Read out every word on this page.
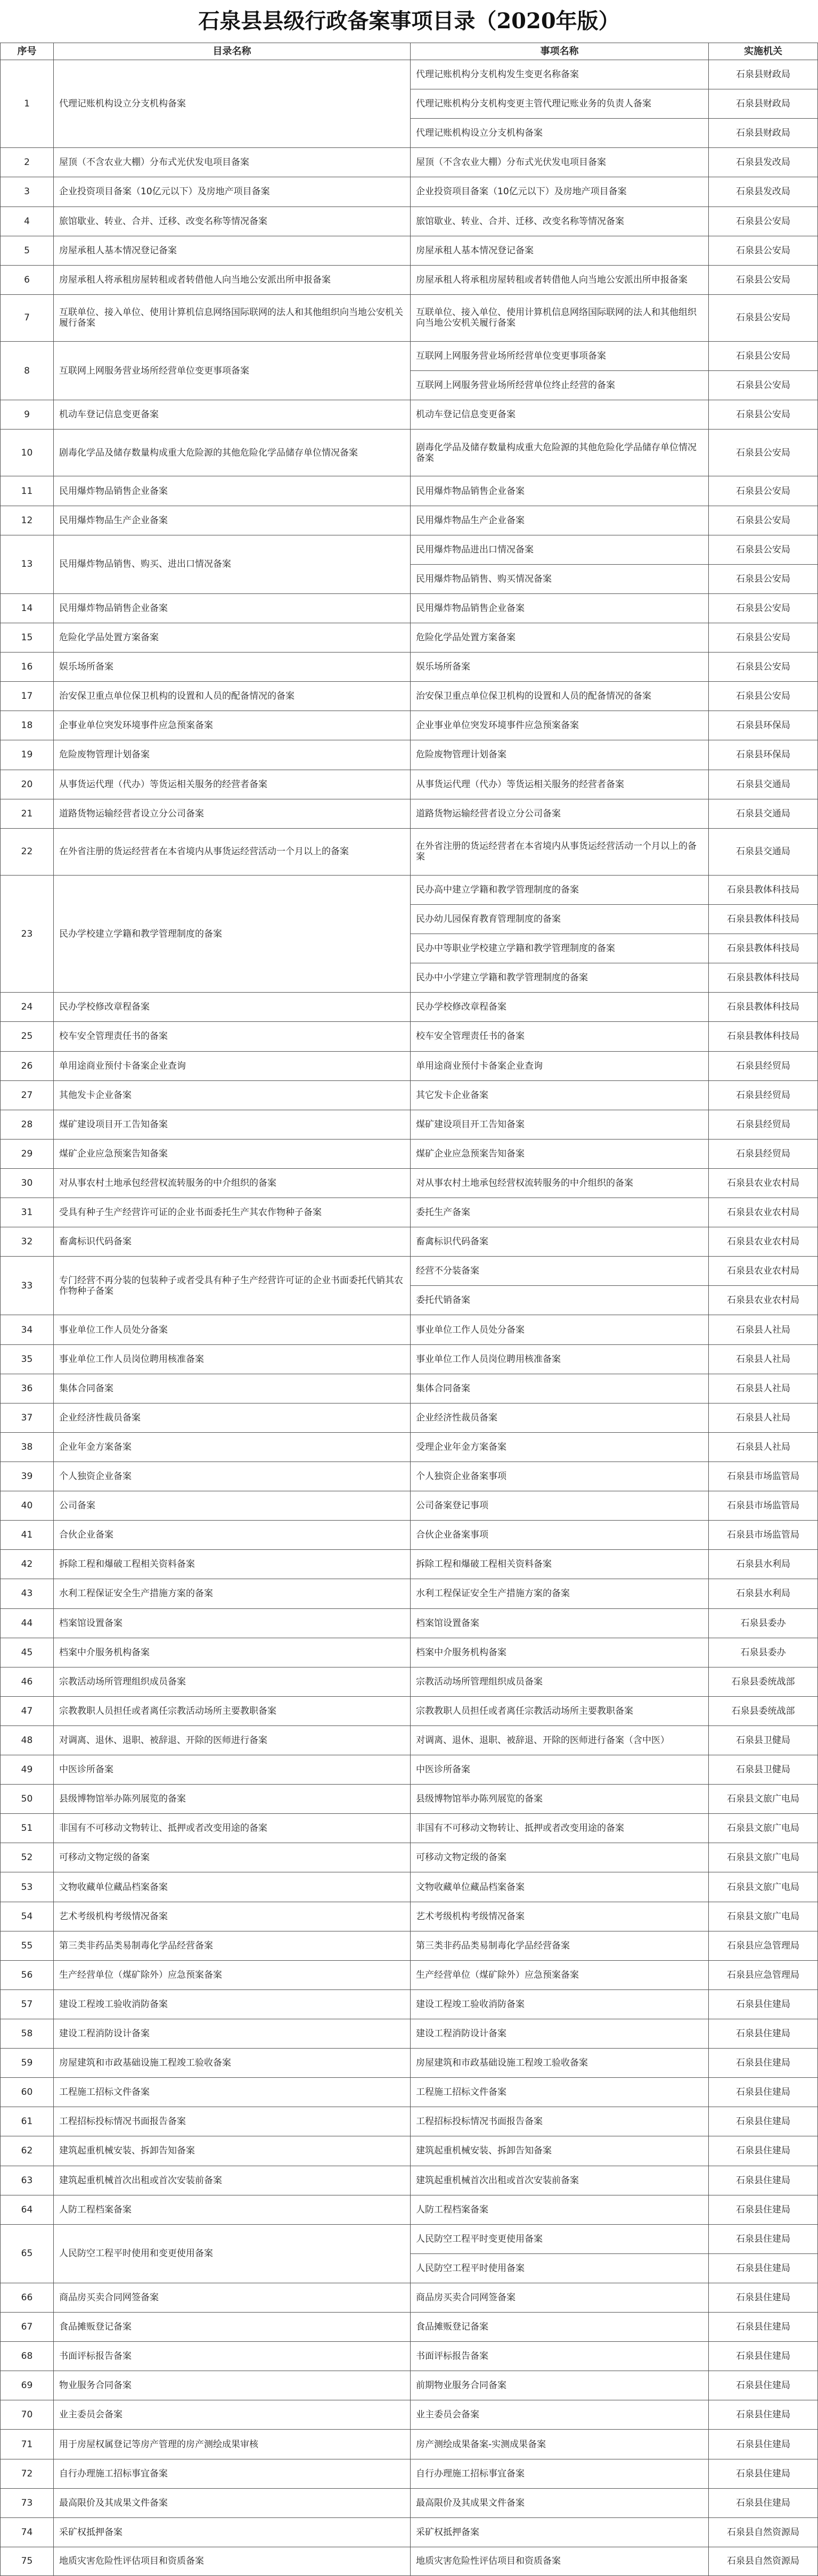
石泉县县级行政备案事项目录（2020年版）
序号	目录名称	事项名称	实施机关
1	代理记账机构设立分支机构备案
代理记账机构分支机构发生变更名称备案	石泉县财政局
代理记账机构分支机构变更主管代理记账业务的负责人备案	石泉县财政局
代理记账机构设立分支机构备案	石泉县财政局
2	屋顶（不含农业大棚）分布式光伏发电项目备案	屋顶（不含农业大棚）分布式光伏发电项目备案	石泉县发改局
3	企业投资项目备案（10亿元以下）及房地产项目备案	企业投资项目备案（10亿元以下）及房地产项目备案	石泉县发改局
4	旅馆歇业、转业、合并、迁移、改变名称等情况备案	旅馆歇业、转业、合并、迁移、改变名称等情况备案	石泉县公安局
5	房屋承租人基本情况登记备案	房屋承租人基本情况登记备案	石泉县公安局
6	房屋承租人将承租房屋转租或者转借他人向当地公安派出所申报备案	房屋承租人将承租房屋转租或者转借他人向当地公安派出所申报备案	石泉县公安局
7	互联单位、接入单位、使用计算机信息网络国际联网的法人和其他组织向当地公安机关履行备案
互联单位、接入单位、使用计算机信息网络国际联网的法人和其他组织向当地公安机关履行备案	石泉县公安局
8	互联网上网服务营业场所经营单位变更事项备案
互联网上网服务营业场所经营单位变更事项备案	石泉县公安局
互联网上网服务营业场所经营单位终止经营的备案	石泉县公安局
9	机动车登记信息变更备案	机动车登记信息变更备案	石泉县公安局
10	剧毒化学品及储存数量构成重大危险源的其他危险化学品储存单位情况备案	剧毒化学品及储存数量构成重大危险源的其他危险化学品储存单位情况备案	石泉县公安局
11	民用爆炸物品销售企业备案	民用爆炸物品销售企业备案	石泉县公安局
12	民用爆炸物品生产企业备案	民用爆炸物品生产企业备案	石泉县公安局
13	民用爆炸物品销售、购买、进出口情况备案
民用爆炸物品进出口情况备案	石泉县公安局
民用爆炸物品销售、购买情况备案	石泉县公安局
14	民用爆炸物品销售企业备案	民用爆炸物品销售企业备案	石泉县公安局
15	危险化学品处置方案备案	危险化学品处置方案备案	石泉县公安局
16	娱乐场所备案	娱乐场所备案	石泉县公安局
17	治安保卫重点单位保卫机构的设置和人员的配备情况的备案	治安保卫重点单位保卫机构的设置和人员的配备情况的备案	石泉县公安局
18	企事业单位突发环境事件应急预案备案	企业事业单位突发环境事件应急预案备案	石泉县环保局
19	危险废物管理计划备案	危险废物管理计划备案	石泉县环保局
20	从事货运代理（代办）等货运相关服务的经营者备案	从事货运代理（代办）等货运相关服务的经营者备案	石泉县交通局
21	道路货物运输经营者设立分公司备案	道路货物运输经营者设立分公司备案	石泉县交通局
22	在外省注册的货运经营者在本省境内从事货运经营活动一个月以上的备案	在外省注册的货运经营者在本省境内从事货运经营活动一个月以上的备案	石泉县交通局
23	民办学校建立学籍和教学管理制度的备案
民办高中建立学籍和教学管理制度的备案	石泉县教体科技局
民办幼儿园保育教育管理制度的备案	石泉县教体科技局
民办中等职业学校建立学籍和教学管理制度的备案	石泉县教体科技局
民办中小学建立学籍和教学管理制度的备案	石泉县教体科技局
24	民办学校修改章程备案	民办学校修改章程备案	石泉县教体科技局
25	校车安全管理责任书的备案	校车安全管理责任书的备案	石泉县教体科技局
26	单用途商业预付卡备案企业查询	单用途商业预付卡备案企业查询	石泉县经贸局
27	其他发卡企业备案	其它发卡企业备案	石泉县经贸局
28	煤矿建设项目开工告知备案	煤矿建设项目开工告知备案	石泉县经贸局
29	煤矿企业应急预案告知备案	煤矿企业应急预案告知备案	石泉县经贸局
30	对从事农村土地承包经营权流转服务的中介组织的备案	对从事农村土地承包经营权流转服务的中介组织的备案	石泉县农业农村局
31	受具有种子生产经营许可证的企业书面委托生产其农作物种子备案	委托生产备案	石泉县农业农村局
32	畜禽标识代码备案	畜禽标识代码备案	石泉县农业农村局
33	专门经营不再分装的包装种子或者受具有种子生产经营许可证的企业书面委托代销其农作物种子备案
经营不分装备案	石泉县农业农村局
委托代销备案	石泉县农业农村局
34	事业单位工作人员处分备案	事业单位工作人员处分备案	石泉县人社局
35	事业单位工作人员岗位聘用核准备案	事业单位工作人员岗位聘用核准备案	石泉县人社局
36	集体合同备案	集体合同备案	石泉县人社局
37	企业经济性裁员备案	企业经济性裁员备案	石泉县人社局
38	企业年金方案备案	受理企业年金方案备案	石泉县人社局
39	个人独资企业备案	个人独资企业备案事项	石泉县市场监管局
40	公司备案	公司备案登记事项	石泉县市场监管局
41	合伙企业备案	合伙企业备案事项	石泉县市场监管局
42	拆除工程和爆破工程相关资料备案	拆除工程和爆破工程相关资料备案	石泉县水利局
43	水利工程保证安全生产措施方案的备案	水利工程保证安全生产措施方案的备案	石泉县水利局
44	档案馆设置备案	档案馆设置备案	石泉县委办
45	档案中介服务机构备案	档案中介服务机构备案	石泉县委办
46	宗教活动场所管理组织成员备案	宗教活动场所管理组织成员备案	石泉县委统战部
47	宗教教职人员担任或者离任宗教活动场所主要教职备案	宗教教职人员担任或者离任宗教活动场所主要教职备案	石泉县委统战部
48	对调离、退休、退职、被辞退、开除的医师进行备案	对调离、退休、退职、被辞退、开除的医师进行备案（含中医）	石泉县卫健局
49	中医诊所备案	中医诊所备案	石泉县卫健局
50	县级博物馆举办陈列展览的备案	县级博物馆举办陈列展览的备案	石泉县文旅广电局
51	非国有不可移动文物转让、抵押或者改变用途的备案	非国有不可移动文物转让、抵押或者改变用途的备案	石泉县文旅广电局
52	可移动文物定级的备案	可移动文物定级的备案	石泉县文旅广电局
53	文物收藏单位藏品档案备案	文物收藏单位藏品档案备案	石泉县文旅广电局
54	艺术考级机构考级情况备案	艺术考级机构考级情况备案	石泉县文旅广电局
55	第三类非药品类易制毒化学品经营备案	第三类非药品类易制毒化学品经营备案	石泉县应急管理局
56	生产经营单位（煤矿除外）应急预案备案	生产经营单位（煤矿除外）应急预案备案	石泉县应急管理局
57	建设工程竣工验收消防备案	建设工程竣工验收消防备案	石泉县住建局
58	建设工程消防设计备案	建设工程消防设计备案	石泉县住建局
59	房屋建筑和市政基础设施工程竣工验收备案	房屋建筑和市政基础设施工程竣工验收备案	石泉县住建局
60	工程施工招标文件备案	工程施工招标文件备案	石泉县住建局
61	工程招标投标情况书面报告备案	工程招标投标情况书面报告备案	石泉县住建局
62	建筑起重机械安装、拆卸告知备案	建筑起重机械安装、拆卸告知备案	石泉县住建局
63	建筑起重机械首次出租或首次安装前备案	建筑起重机械首次出租或首次安装前备案	石泉县住建局
64	人防工程档案备案	人防工程档案备案	石泉县住建局
65	人民防空工程平时使用和变更使用备案
人民防空工程平时变更使用备案	石泉县住建局
人民防空工程平时使用备案	石泉县住建局
66	商品房买卖合同网签备案	商品房买卖合同网签备案	石泉县住建局
67	食品摊贩登记备案	食品摊贩登记备案	石泉县住建局
68	书面评标报告备案	书面评标报告备案	石泉县住建局
69	物业服务合同备案	前期物业服务合同备案	石泉县住建局
70	业主委员会备案	业主委员会备案	石泉县住建局
71	用于房屋权属登记等房产管理的房产测绘成果审核	房产测绘成果备案-实测成果备案	石泉县住建局
72	自行办理施工招标事宜备案	自行办理施工招标事宜备案	石泉县住建局
73	最高限价及其成果文件备案	最高限价及其成果文件备案	石泉县住建局
74	采矿权抵押备案	采矿权抵押备案	石泉县自然资源局
75	地质灾害危险性评估项目和资质备案	地质灾害危险性评估项目和资质备案	石泉县自然资源局
